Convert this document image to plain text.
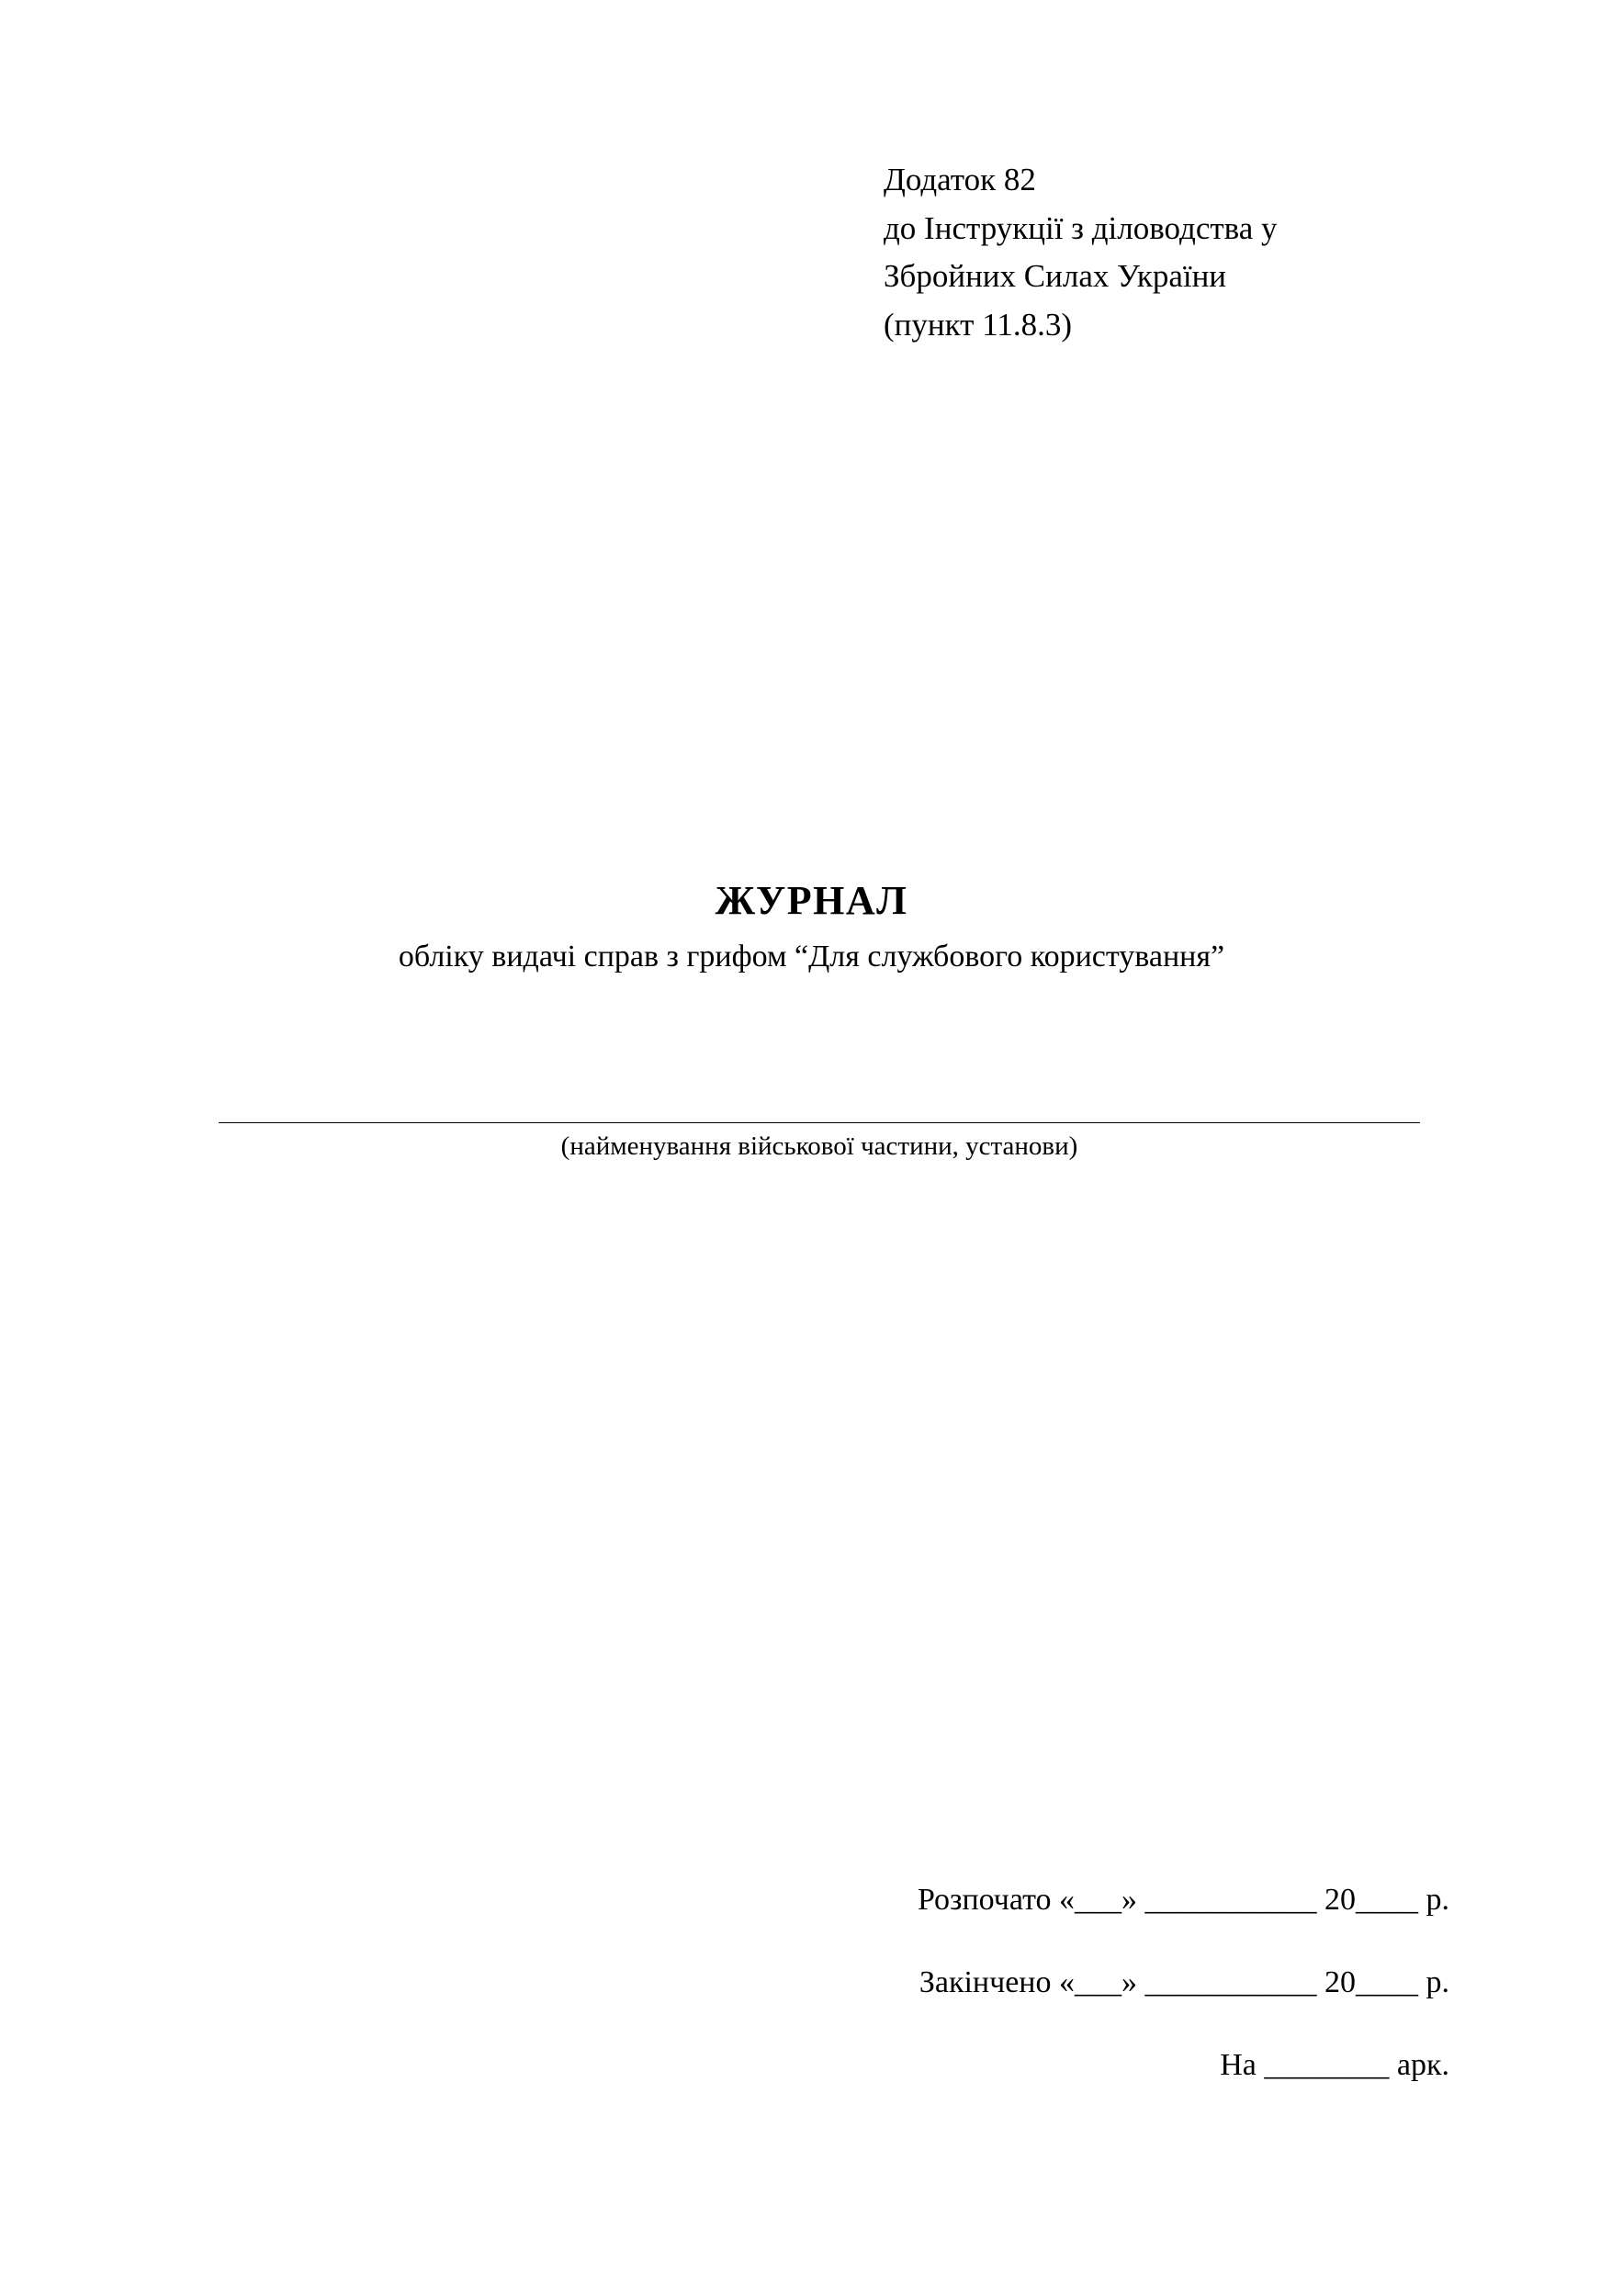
Додаток 82
до Інструкції з діловодства у
Збройних Силах України
(пункт 11.8.3)
ЖУРНАЛ
обліку видачі справ з грифом “Для службового користування”
(найменування військової частини, установи)
Розпочато «___» ___________ 20____ р.
Закінчено «___» ___________ 20____ р.
На ________ арк.
